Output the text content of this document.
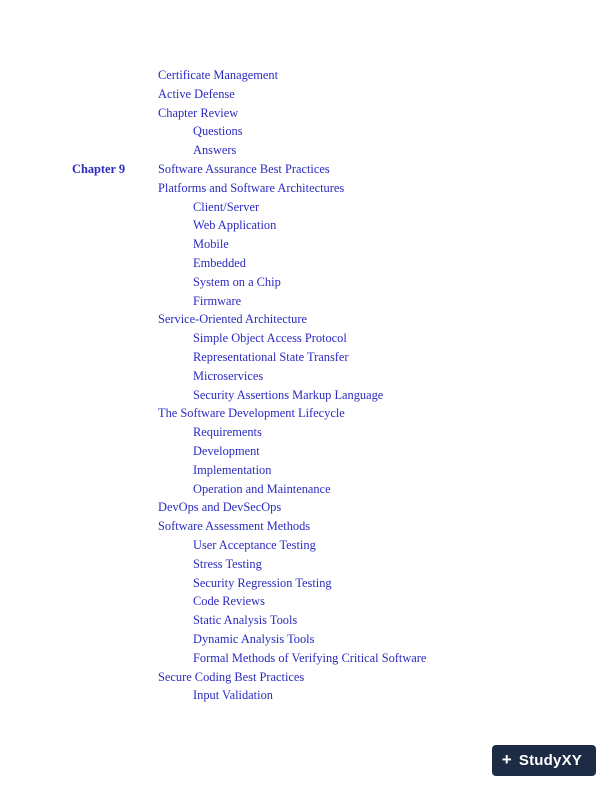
Certificate Management
Active Defense
Chapter Review
Questions
Answers
Chapter 9	Software Assurance Best Practices
Platforms and Software Architectures
Client/Server
Web Application
Mobile
Embedded
System on a Chip
Firmware
Service-Oriented Architecture
Simple Object Access Protocol
Representational State Transfer
Microservices
Security Assertions Markup Language
The Software Development Lifecycle
Requirements
Development
Implementation
Operation and Maintenance
DevOps and DevSecOps
Software Assessment Methods
User Acceptance Testing
Stress Testing
Security Regression Testing
Code Reviews
Static Analysis Tools
Dynamic Analysis Tools
Formal Methods of Verifying Critical Software
Secure Coding Best Practices
Input Validation
+ StudyXY
